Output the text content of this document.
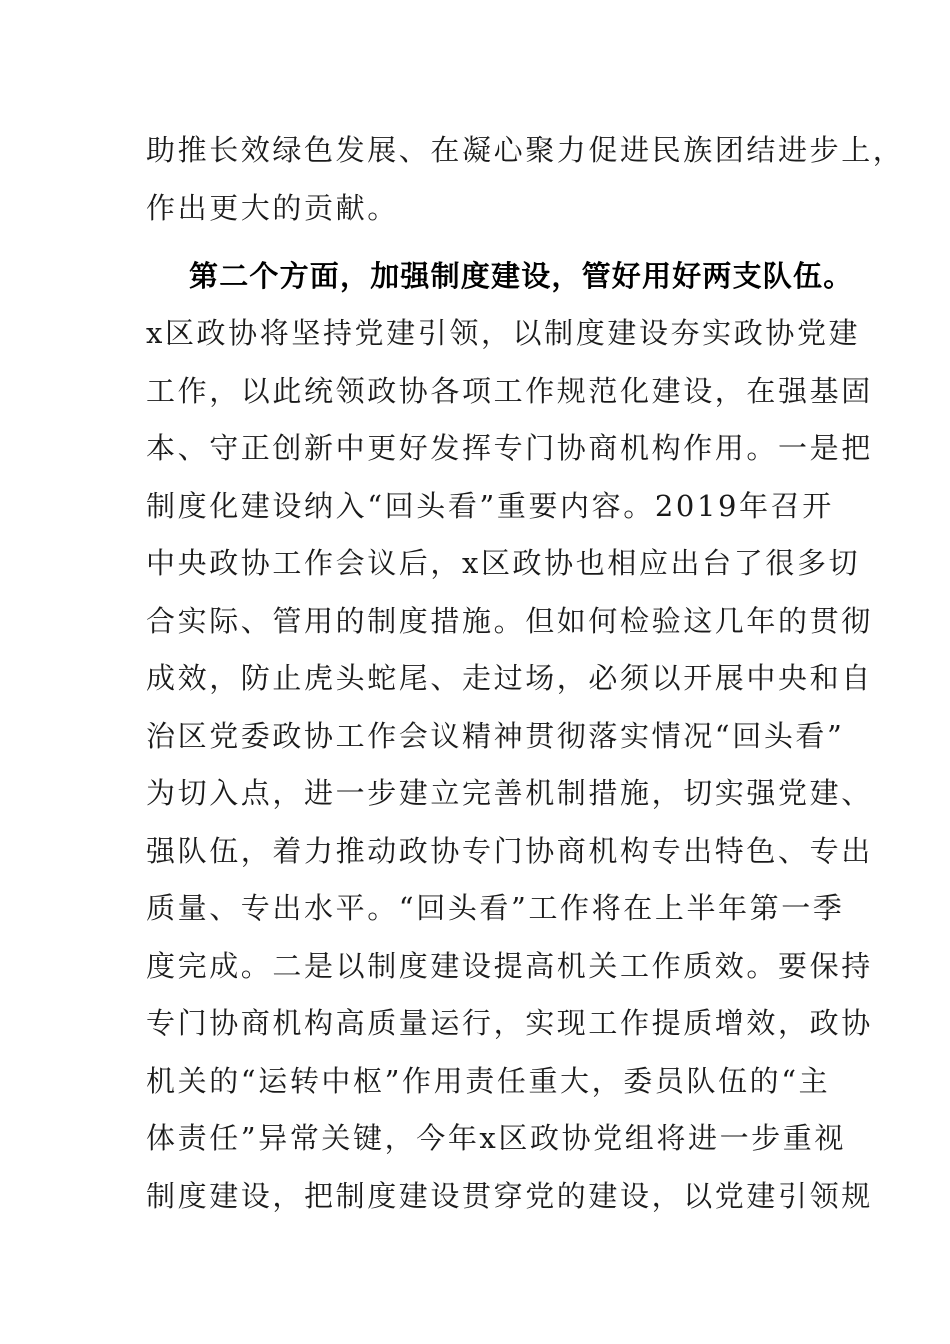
助推长效绿色发展、在凝心聚力促进民族团结进步上，
作出更大的贡献。
第二个方面，加强制度建设，管好用好两支队伍。
x区政协将坚持党建引领，以制度建设夯实政协党建
工作，以此统领政协各项工作规范化建设，在强基固
本、守正创新中更好发挥专门协商机构作用。一是把
制度化建设纳入“回头看”重要内容。2019年召开
中央政协工作会议后，x区政协也相应出台了很多切
合实际、管用的制度措施。但如何检验这几年的贯彻
成效，防止虎头蛇尾、走过场，必须以开展中央和自
治区党委政协工作会议精神贯彻落实情况“回头看”
为切入点，进一步建立完善机制措施，切实强党建、
强队伍，着力推动政协专门协商机构专出特色、专出
质量、专出水平。“回头看”工作将在上半年第一季
度完成。二是以制度建设提高机关工作质效。要保持
专门协商机构高质量运行，实现工作提质增效，政协
机关的“运转中枢”作用责任重大，委员队伍的“主
体责任”异常关键，今年x区政协党组将进一步重视
制度建设，把制度建设贯穿党的建设，以党建引领规
